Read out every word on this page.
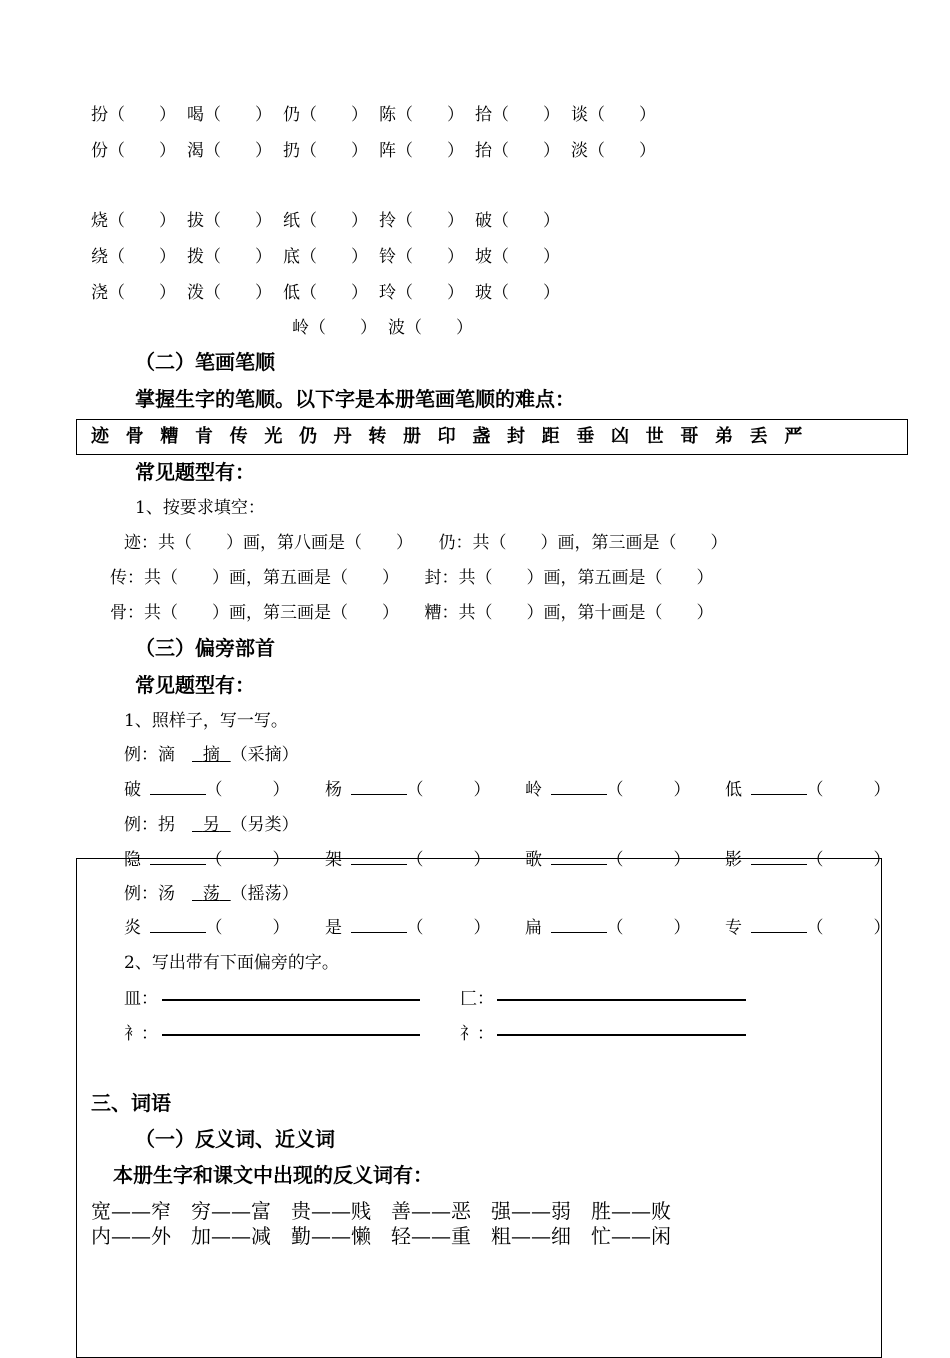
扮（　　） 喝（　　） 仍（　　） 陈（　　） 拾（　　） 谈（　　）
份（　　） 渴（　　） 扔（　　） 阵（　　） 抬（　　） 淡（　　）
烧（　　） 拔（　　） 纸（　　） 拎（　　） 破（　　）
绕（　　） 拨（　　） 底（　　） 铃（　　） 坡（　　）
浇（　　） 泼（　　） 低（　　） 玲（　　） 玻（　　）
岭（　　） 波（　　）
（二）笔画笔顺
掌握生字的笔顺。以下字是本册笔画笔顺的难点：
迹 骨 糟 肯 传 光 仍 丹 转 册 印 盏 封 距 垂 凶 世 哥 弟 丢 严
常见题型有：
1、按要求填空：
迹：共（　　）画，第八画是（　　）　　仍：共（　　）画，第三画是（　　）
传：共（　　）画，第五画是（　　）　　封：共（　　）画，第五画是（　　）
骨：共（　　）画，第三画是（　　）　　糟：共（　　）画，第十画是（　　）
（三）偏旁部首
常见题型有：
1、照样子，写一写。
例：滴　 摘  （采摘）
破 	（	） 杨 	（	） 岭 	（	） 低 	（	）
例：拐　 另  （另类）
隐 	（	） 架 	（	） 歌 	（	） 影 	（	）
例：汤　 荡  （摇荡）
炎 	（	） 是 	（	） 扁 	（	） 专 	（	）
2、写出带有下面偏旁的字。
皿：	匚：
衤：	礻：
三、词语
（一）反义词、近义词
本册生字和课文中出现的反义词有：
宽——窄　穷——富　贵——贱　善——恶　强——弱　胜——败
内——外　加——减　勤——懒　轻——重　粗——细　忙——闲
